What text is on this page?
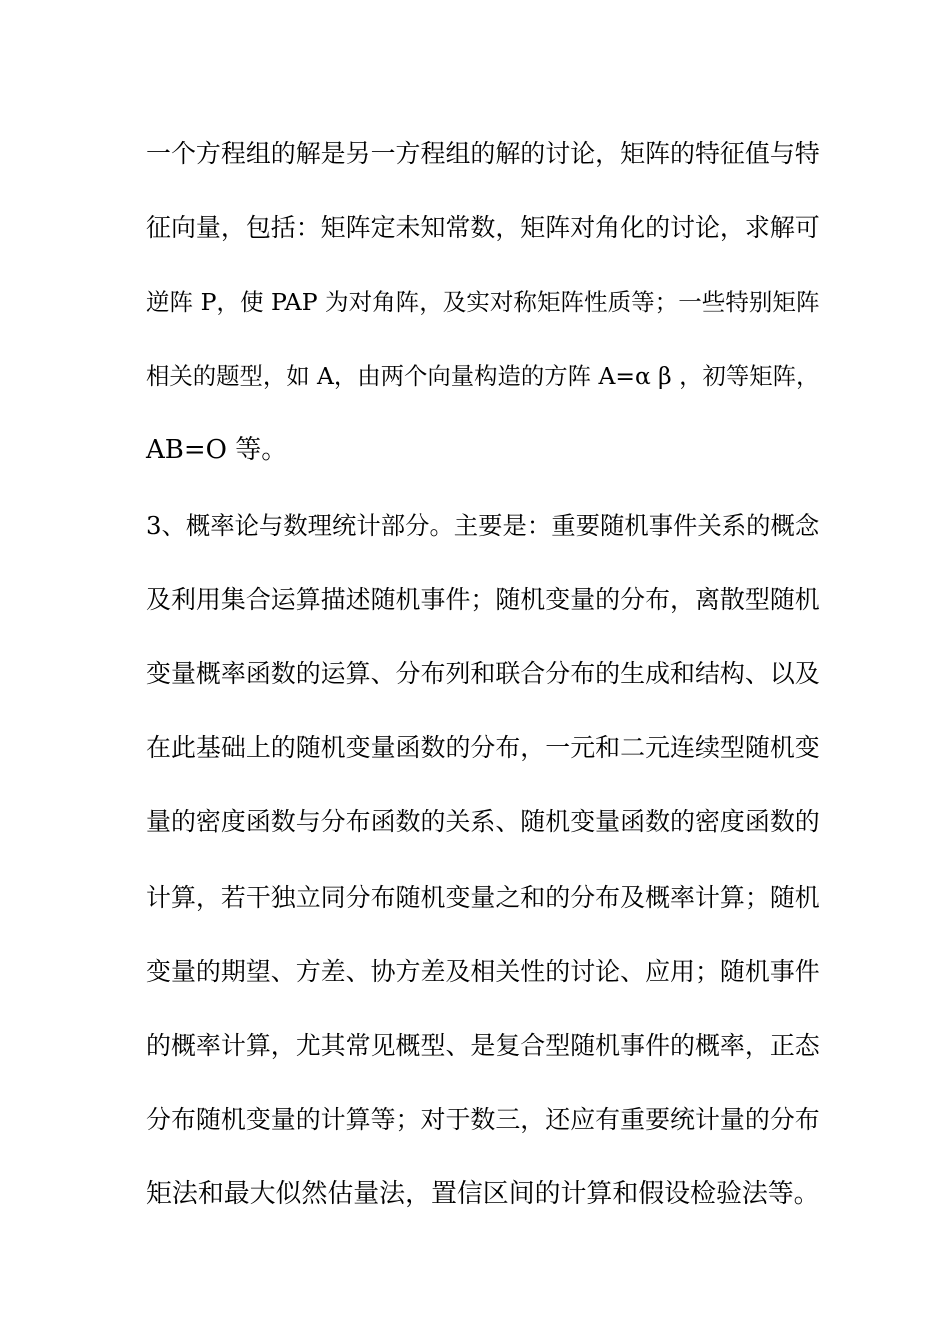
一个方程组的解是另一方程组的解的讨论，矩阵的特征值与特
征向量，包括：矩阵定未知常数，矩阵对角化的讨论，求解可
逆阵 P，使 PAP 为对角阵，及实对称矩阵性质等；一些特别矩阵
相关的题型，如 A，由两个向量构造的方阵 A=α β ，初等矩阵，
AB=O 等。
3、概率论与数理统计部分。主要是：重要随机事件关系的概念
及利用集合运算描述随机事件；随机变量的分布，离散型随机
变量概率函数的运算、分布列和联合分布的生成和结构、以及
在此基础上的随机变量函数的分布，一元和二元连续型随机变
量的密度函数与分布函数的关系、随机变量函数的密度函数的
计算，若干独立同分布随机变量之和的分布及概率计算；随机
变量的期望、方差、协方差及相关性的讨论、应用；随机事件
的概率计算，尤其常见概型、是复合型随机事件的概率，正态
分布随机变量的计算等；对于数三，还应有重要统计量的分布
矩法和最大似然估量法，置信区间的计算和假设检验法等。
